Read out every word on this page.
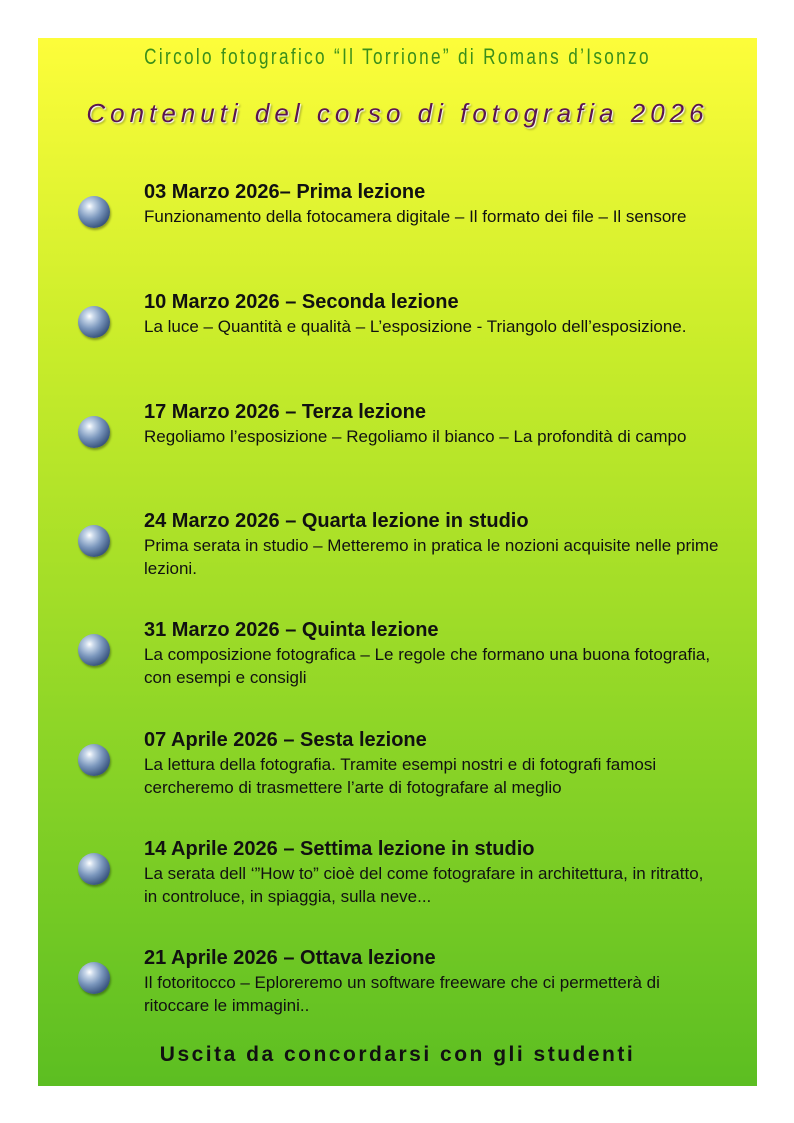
Circolo fotografico “Il Torrione” di Romans d’Isonzo
Contenuti del corso di fotografia 2026
03 Marzo 2026– Prima lezione
Funzionamento della fotocamera digitale – Il formato dei file – Il sensore
10 Marzo 2026 – Seconda lezione
La luce – Quantità e qualità – L’esposizione - Triangolo dell’esposizione.
17 Marzo 2026 – Terza lezione
Regoliamo l’esposizione – Regoliamo il bianco – La profondità di campo
24 Marzo 2026 – Quarta lezione in studio
Prima serata in studio – Metteremo in pratica le nozioni acquisite nelle prime lezioni.
31 Marzo 2026 – Quinta lezione
La composizione fotografica – Le regole che formano una buona fotografia, con esempi e consigli
07 Aprile 2026 – Sesta lezione
La lettura della fotografia. Tramite esempi nostri e di fotografi famosi cercheremo di trasmettere l’arte di fotografare al meglio
14 Aprile 2026 – Settima lezione in studio
La serata dell ‘”How to” cioè del come fotografare in architettura, in ritratto, in controluce, in spiaggia, sulla neve...
21 Aprile 2026 – Ottava lezione
Il fotoritocco – Eploreremo un software freeware che ci permetterà di ritoccare le immagini..
Uscita da concordarsi con gli studenti
